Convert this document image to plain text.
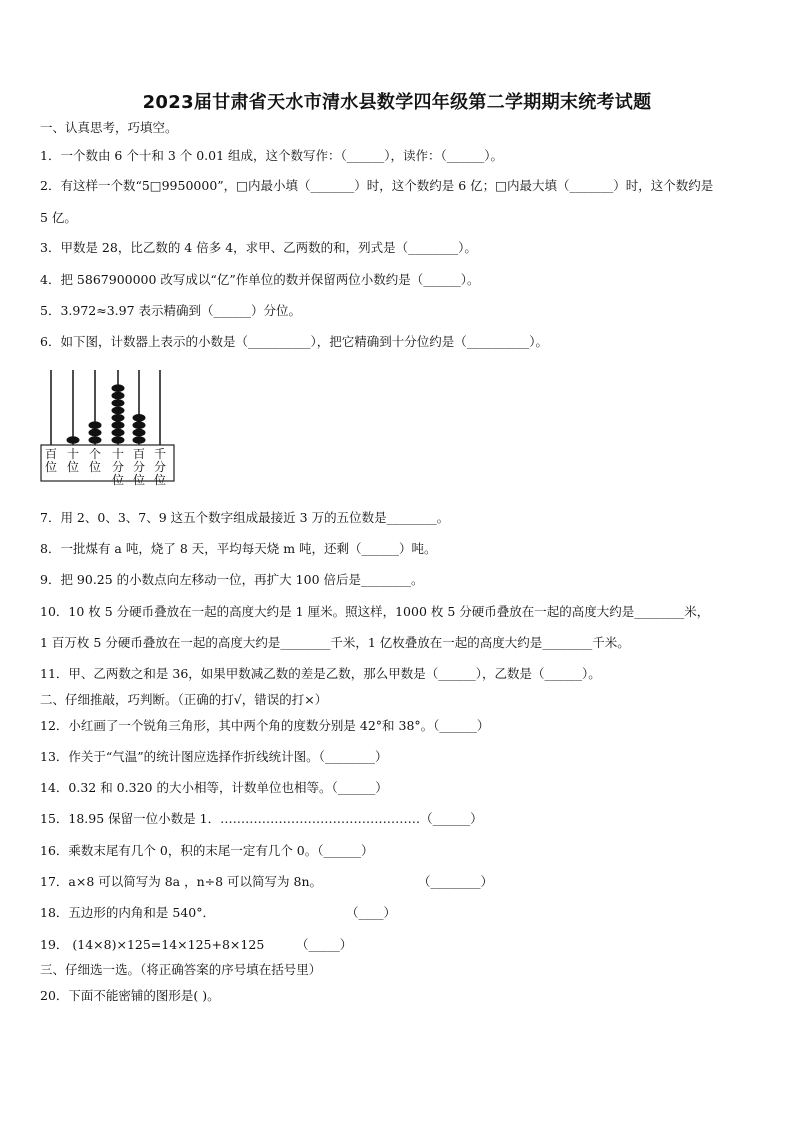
2023届甘肃省天水市清水县数学四年级第二学期期末统考试题
一、认真思考，巧填空。
1．一个数由 6 个十和 3 个 0.01 组成，这个数写作：（______），读作：（______）。
2．有这样一个数“5□9950000”，□内最小填（_______）时，这个数约是 6 亿；□内最大填（_______）时，这个数约是
5 亿。
3．甲数是 28，比乙数的 4 倍多 4，求甲、乙两数的和，列式是（________）。
4．把 5867900000 改写成以“亿”作单位的数并保留两位小数约是（______）。
5．3.972≈3.97 表示精确到（______）分位。
6．如下图，计数器上表示的小数是（__________），把它精确到十分位约是（__________）。
百
位
十
位
个
位
十
分
位
百
分
位
千
分
位
7．用 2、0、3、7、9 这五个数字组成最接近 3 万的五位数是________。
8．一批煤有 a 吨，烧了 8 天，平均每天烧 m 吨，还剩（______）吨。
9．把 90.25 的小数点向左移动一位，再扩大 100 倍后是________。
10．10 枚 5 分硬币叠放在一起的高度大约是 1 厘米。照这样，1000 枚 5 分硬币叠放在一起的高度大约是________米，
1 百万枚 5 分硬币叠放在一起的高度大约是________千米，1 亿枚叠放在一起的高度大约是________千米。
11．甲、乙两数之和是 36，如果甲数减乙数的差是乙数，那么甲数是（______），乙数是（______）。
二、仔细推敲，巧判断。（正确的打√，错误的打×）
12．小红画了一个锐角三角形，其中两个角的度数分别是 42°和 38°。（______）
13．作关于“气温”的统计图应选择作折线统计图。（________）
14．0.32 和 0.320 的大小相等，计数单位也相等。（______）
15．18.95 保留一位小数是 1．…………………………………………（______）
16．乘数末尾有几个 0，积的末尾一定有几个 0。（______）
17．a×8 可以简写为 8a ，n÷8 可以简写为 8n。	（________）
18．五边形的内角和是 540°．	（____）
19． (14×8)×125=14×125+8×125	（_____）
三、仔细选一选。（将正确答案的序号填在括号里）
20．下面不能密铺的图形是( )。
